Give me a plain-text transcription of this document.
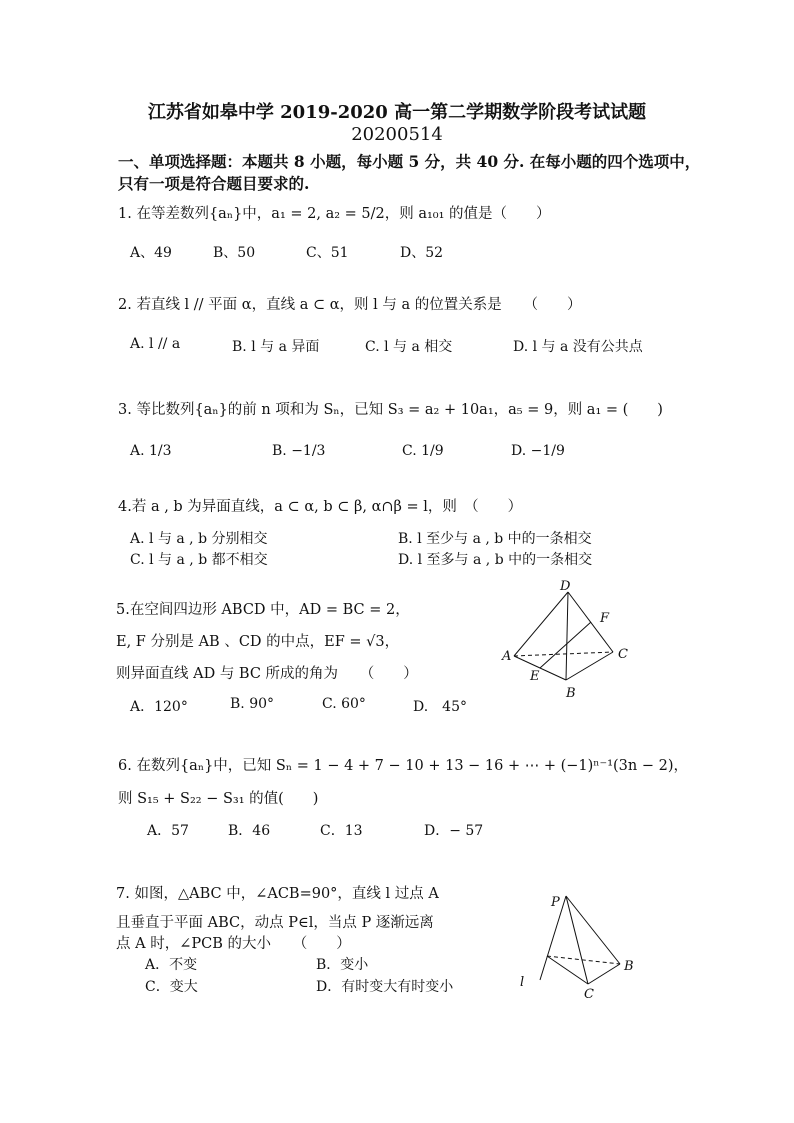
江苏省如皋中学 2019-2020 高一第二学期数学阶段考试试题
20200514
一、单项选择题：本题共 8 小题，每小题 5 分，共 40 分. 在每小题的四个选项中，
只有一项是符合题目要求的.
1. 在等差数列{aₙ}中，a₁ = 2, a₂ = 5/2，则 a₁₀₁ 的值是（　　）
A、49	B、50	C、51	D、52
2. 若直线 l // 平面 α，直线 a ⊂ α，则 l 与 a 的位置关系是　　（　　）
A. l // a	B. l 与 a 异面	C. l 与 a 相交	D. l 与 a 没有公共点
3. 等比数列{aₙ}的前 n 项和为 Sₙ，已知 S₃ = a₂ + 10a₁，a₅ = 9，则 a₁ = (　　)
A. 1/3	B. −1/3	C. 1/9	D. −1/9
4.若 a , b 为异面直线，a ⊂ α, b ⊂ β, α∩β = l，则　（　　）
A. l 与 a , b 分别相交	B. l 至少与 a , b 中的一条相交
C. l 与 a , b 都不相交	D. l 至多与 a , b 中的一条相交
5.在空间四边形 ABCD 中，AD = BC = 2，
E, F 分别是 AB 、CD 的中点，EF = √3，
则异面直线 AD 与 BC 所成的角为　　（　　）
A．120°	B. 90°	C. 60°	D.　45°
D
F
A	C
E
B
6. 在数列{aₙ}中，已知 Sₙ = 1 − 4 + 7 − 10 + 13 − 16 + ⋯ + (−1)ⁿ⁻¹(3n − 2)，
则 S₁₅ + S₂₂ − S₃₁ 的值(　　)
A．57	B．46	C．13	D．− 57
7. 如图，△ABC 中，∠ACB=90°，直线 l 过点 A
且垂直于平面 ABC，动点 P∈l，当点 P 逐渐远离
点 A 时，∠PCB 的大小　　（　　）
A．不变	B．变小
C．变大	D．有时变大有时变小
P
B
l
C
